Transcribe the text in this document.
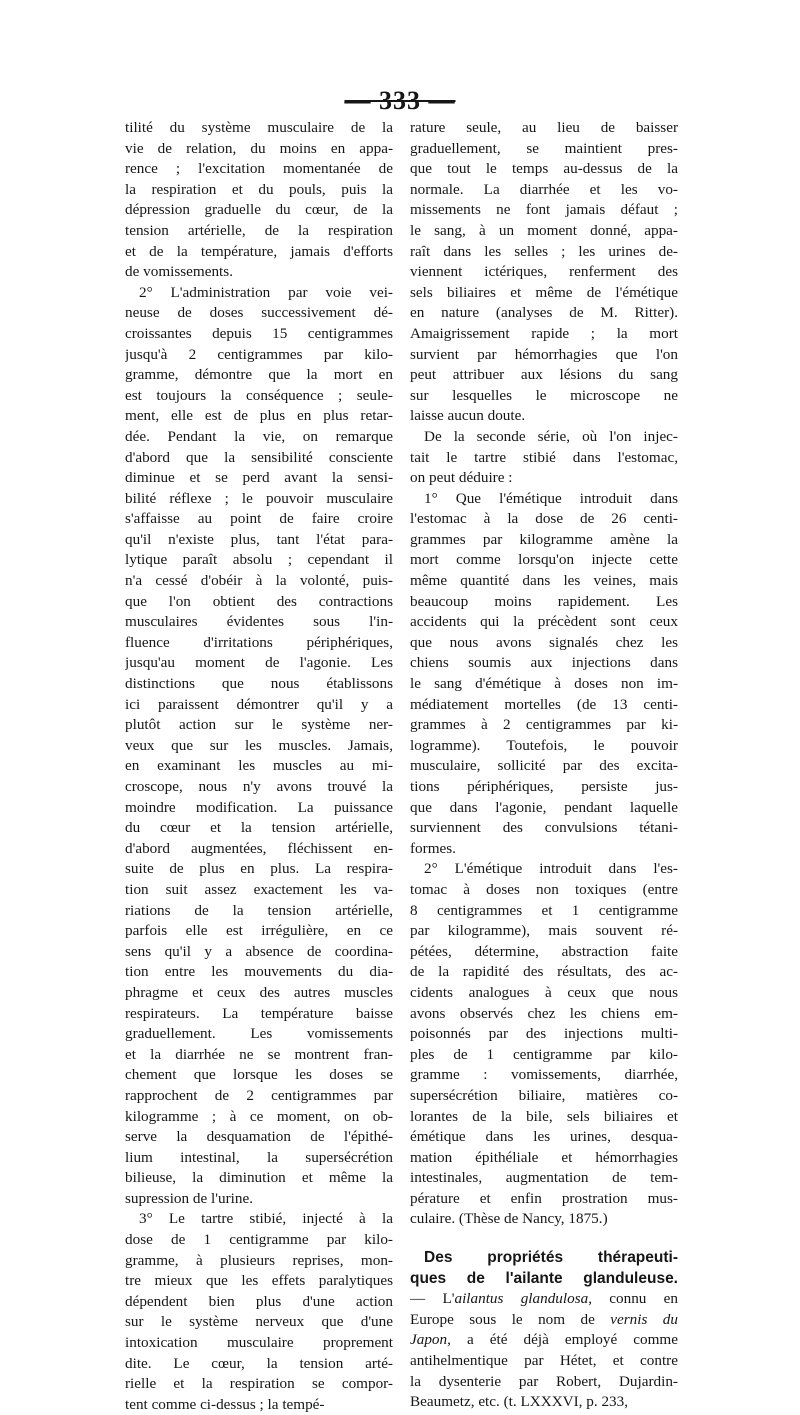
— 333 —
tilité du système musculaire de la
vie de relation, du moins en appa-
rence ; l'excitation momentanée de
la respiration et du pouls, puis la
dépression graduelle du cœur, de la
tension artérielle, de la respiration
et de la température, jamais d'efforts
de vomissements.
2° L'administration par voie vei-
neuse de doses successivement dé-
croissantes depuis 15 centigrammes
jusqu'à 2 centigrammes par kilo-
gramme, démontre que la mort en
est toujours la conséquence ; seule-
ment, elle est de plus en plus retar-
dée. Pendant la vie, on remarque
d'abord que la sensibilité consciente
diminue et se perd avant la sensi-
bilité réflexe ; le pouvoir musculaire
s'affaisse au point de faire croire
qu'il n'existe plus, tant l'état para-
lytique paraît absolu ; cependant il
n'a cessé d'obéir à la volonté, puis-
que l'on obtient des contractions
musculaires évidentes sous l'in-
fluence d'irritations périphériques,
jusqu'au moment de l'agonie. Les
distinctions que nous établissons
ici paraissent démontrer qu'il y a
plutôt action sur le système ner-
veux que sur les muscles. Jamais,
en examinant les muscles au mi-
croscope, nous n'y avons trouvé la
moindre modification. La puissance
du cœur et la tension artérielle,
d'abord augmentées, fléchissent en-
suite de plus en plus. La respira-
tion suit assez exactement les va-
riations de la tension artérielle,
parfois elle est irrégulière, en ce
sens qu'il y a absence de coordina-
tion entre les mouvements du dia-
phragme et ceux des autres muscles
respirateurs. La température baisse
graduellement. Les vomissements
et la diarrhée ne se montrent fran-
chement que lorsque les doses se
rapprochent de 2 centigrammes par
kilogramme ; à ce moment, on ob-
serve la desquamation de l'épithé-
lium intestinal, la supersécrétion
bilieuse, la diminution et même la
supression de l'urine.
3° Le tartre stibié, injecté à la
dose de 1 centigramme par kilo-
gramme, à plusieurs reprises, mon-
tre mieux que les effets paralytiques
dépendent bien plus d'une action
sur le système nerveux que d'une
intoxication musculaire proprement
dite. Le cœur, la tension arté-
rielle et la respiration se compor-
tent comme ci-dessus ; la tempé-
rature seule, au lieu de baisser
graduellement, se maintient pres-
que tout le temps au-dessus de la
normale. La diarrhée et les vo-
missements ne font jamais défaut ;
le sang, à un moment donné, appa-
raît dans les selles ; les urines de-
viennent ictériques, renferment des
sels biliaires et même de l'émétique
en nature (analyses de M. Ritter).
Amaigrissement rapide ; la mort
survient par hémorrhagies que l'on
peut attribuer aux lésions du sang
sur lesquelles le microscope ne
laisse aucun doute.
De la seconde série, où l'on injec-
tait le tartre stibié dans l'estomac,
on peut déduire :
1° Que l'émétique introduit dans
l'estomac à la dose de 26 centi-
grammes par kilogramme amène la
mort comme lorsqu'on injecte cette
même quantité dans les veines, mais
beaucoup moins rapidement. Les
accidents qui la précèdent sont ceux
que nous avons signalés chez les
chiens soumis aux injections dans
le sang d'émétique à doses non im-
médiatement mortelles (de 13 centi-
grammes à 2 centigrammes par ki-
logramme). Toutefois, le pouvoir
musculaire, sollicité par des excita-
tions périphériques, persiste jus-
que dans l'agonie, pendant laquelle
surviennent des convulsions tétani-
formes.
2° L'émétique introduit dans l'es-
tomac à doses non toxiques (entre
8 centigrammes et 1 centigramme
par kilogramme), mais souvent ré-
pétées, détermine, abstraction faite
de la rapidité des résultats, des ac-
cidents analogues à ceux que nous
avons observés chez les chiens em-
poisonnés par des injections multi-
ples de 1 centigramme par kilo-
gramme : vomissements, diarrhée,
supersécrétion biliaire, matières co-
lorantes de la bile, sels biliaires et
émétique dans les urines, desqua-
mation épithéliale et hémorrhagies
intestinales, augmentation de tem-
pérature et enfin prostration mus-
culaire. (Thèse de Nancy, 1875.)
Des propriétés thérapeuti-
ques de l'ailante glanduleuse.
— L'ailantus glandulosa, connu en
Europe sous le nom de vernis du
Japon, a été déjà employé comme
antihelmentique par Hétet, et contre
la dysenterie par Robert, Dujardin-
Beaumetz, etc. (t. LXXXVI, p. 233,
